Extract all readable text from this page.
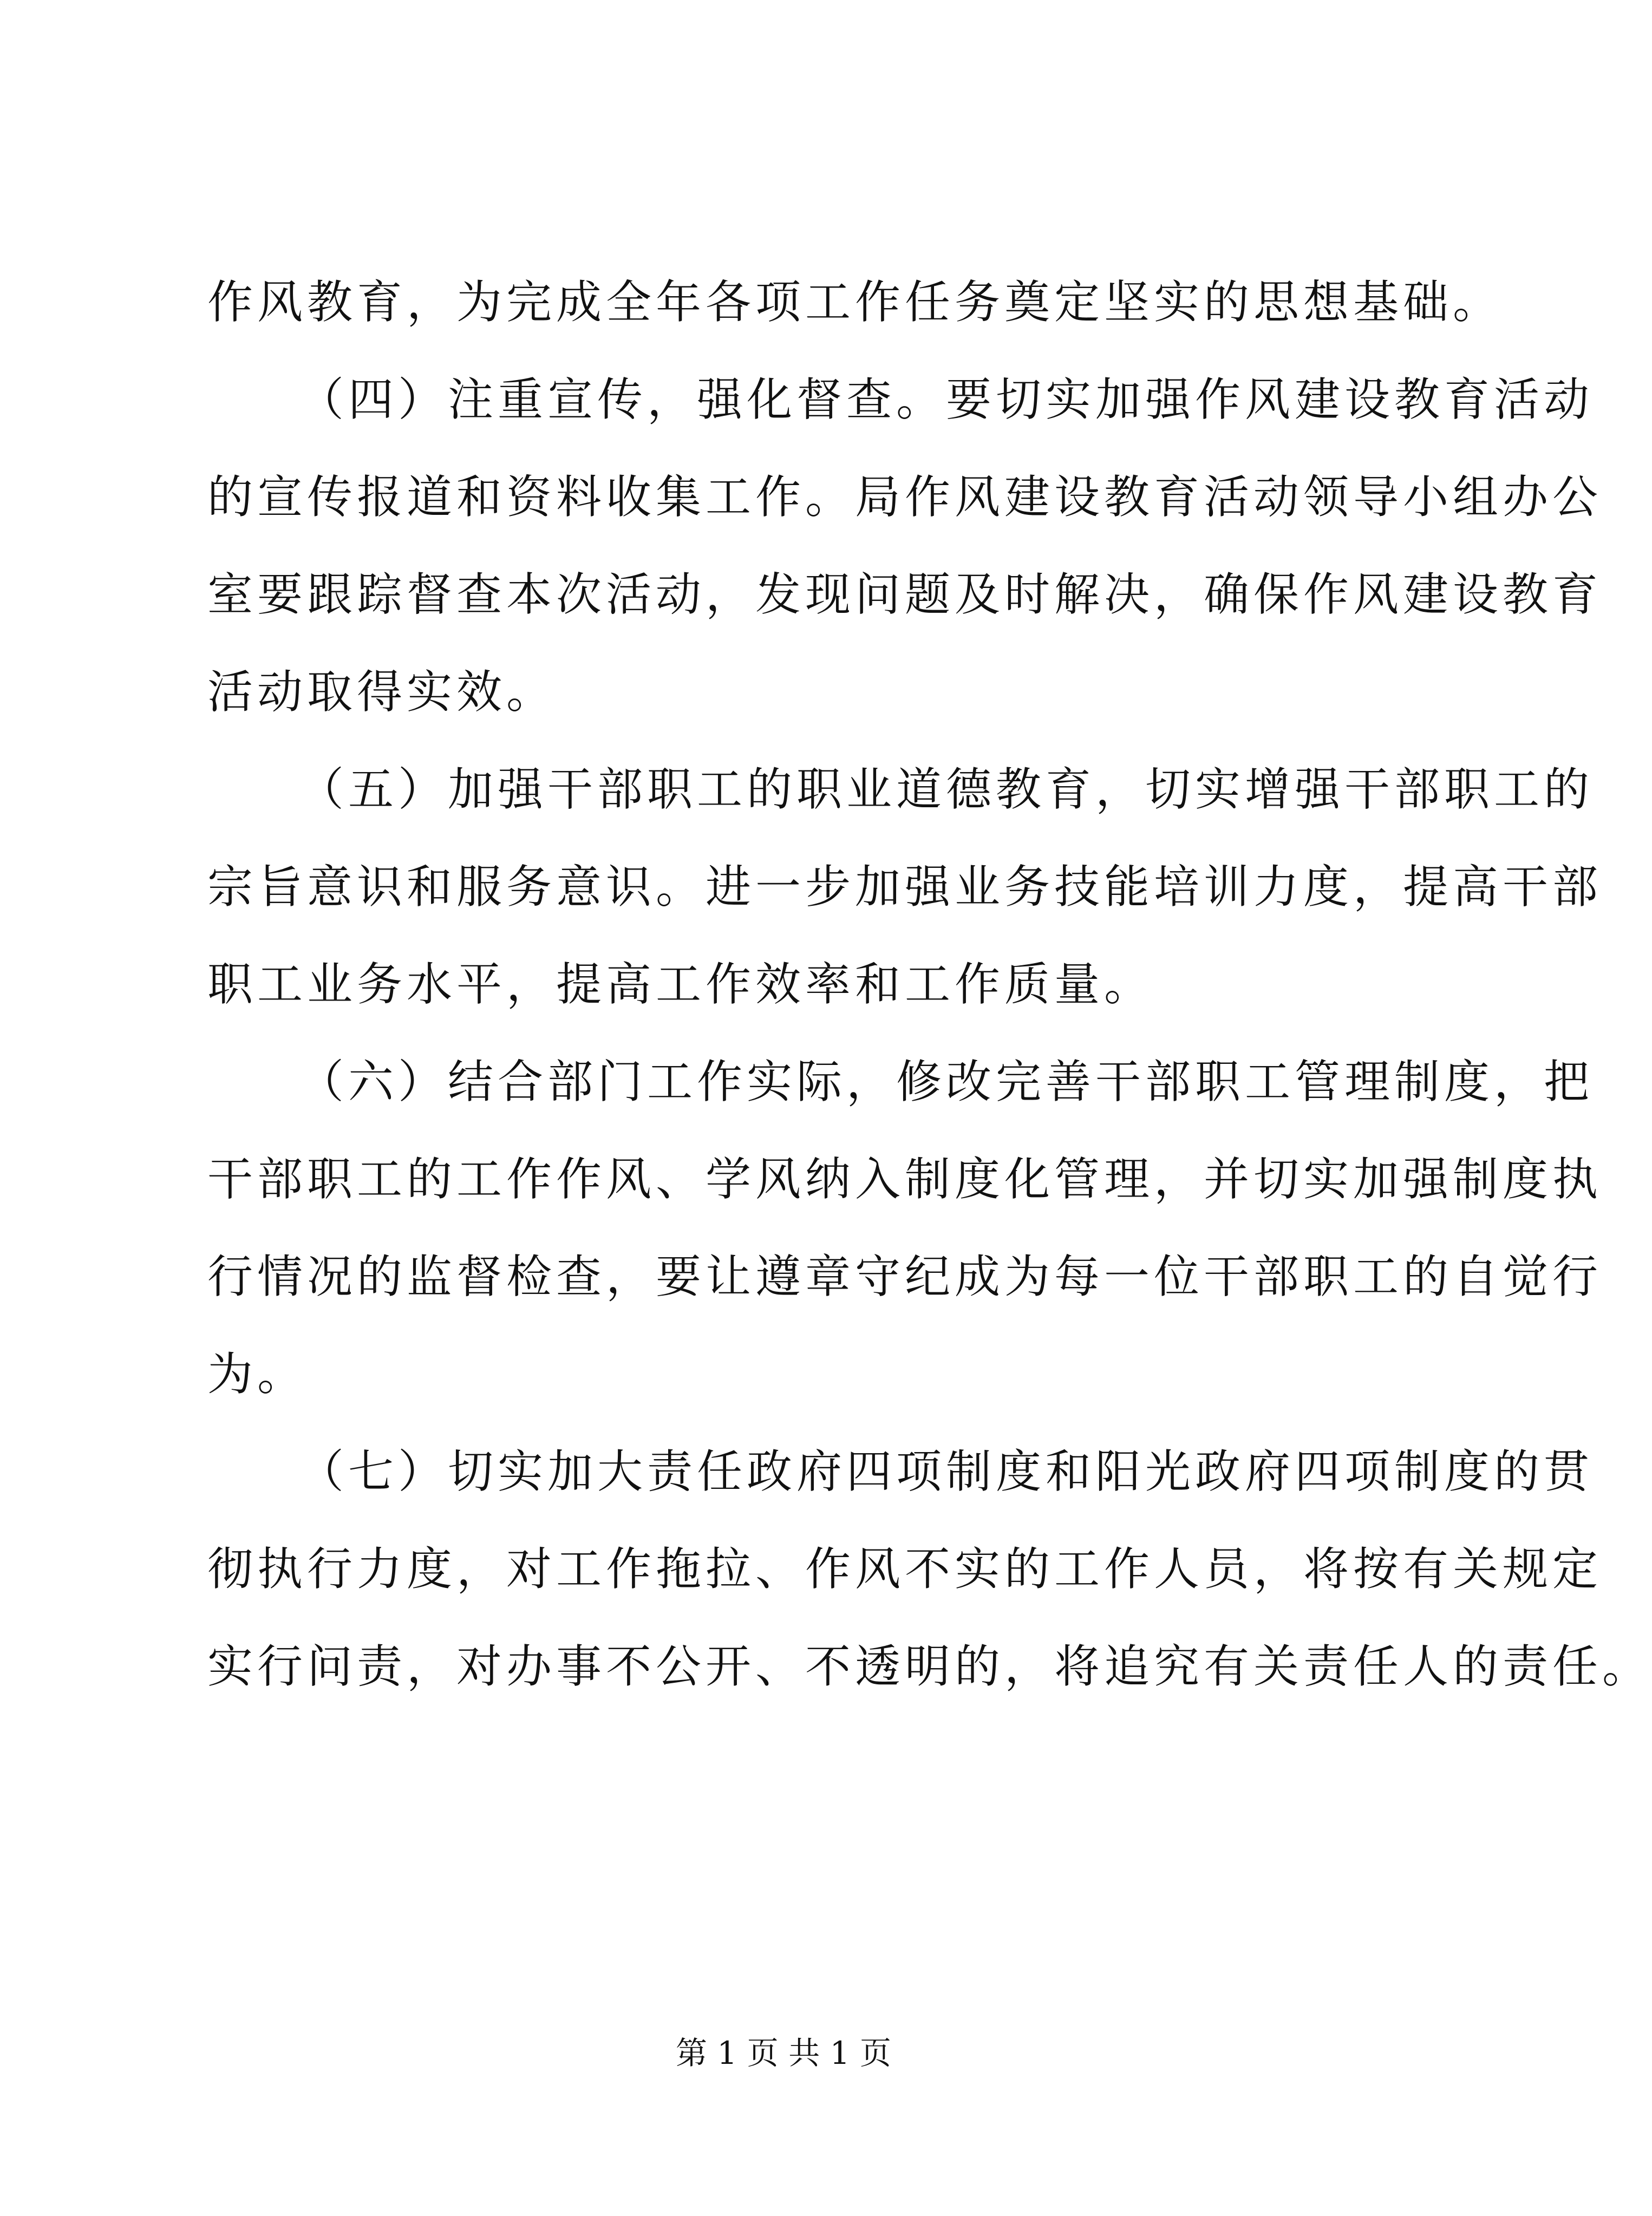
作风教育，为完成全年各项工作任务奠定坚实的思想基础。
（四）注重宣传，强化督查。要切实加强作风建设教育活动
的宣传报道和资料收集工作。局作风建设教育活动领导小组办公
室要跟踪督查本次活动，发现问题及时解决，确保作风建设教育
活动取得实效。
（五）加强干部职工的职业道德教育，切实增强干部职工的
宗旨意识和服务意识。进一步加强业务技能培训力度，提高干部
职工业务水平，提高工作效率和工作质量。
（六）结合部门工作实际，修改完善干部职工管理制度，把
干部职工的工作作风、学风纳入制度化管理，并切实加强制度执
行情况的监督检查，要让遵章守纪成为每一位干部职工的自觉行
为。
（七）切实加大责任政府四项制度和阳光政府四项制度的贯
彻执行力度，对工作拖拉、作风不实的工作人员，将按有关规定
实行问责，对办事不公开、不透明的，将追究有关责任人的责任。
第 1 页 共 1 页
